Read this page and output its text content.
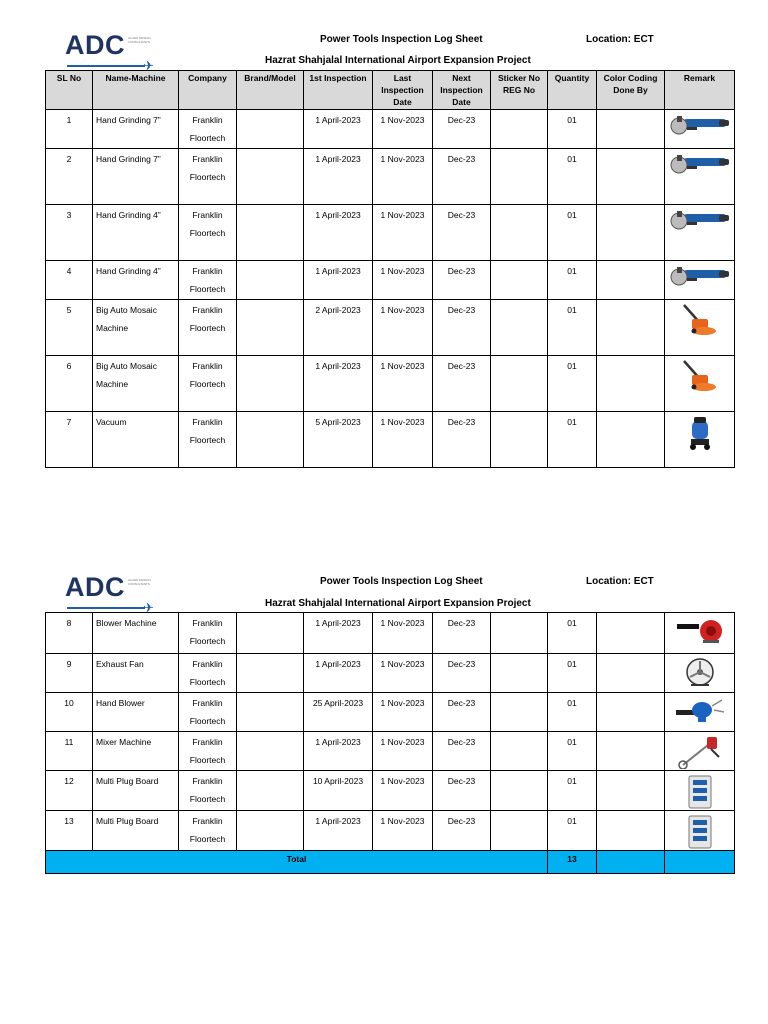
ADC ALLIED DESIGN CONSULTANTS
✈
Power Tools Inspection Log Sheet	Location: ECT
Hazrat Shahjalal International Airport Expansion Project
SL No	Name-Machine	Company	Brand/Model	1st Inspection	Last Inspection Date	Next Inspection Date	Sticker No REG No	Quantity	Color Coding Done By	Remark
1	Hand Grinding 7”	Franklin Floortech		1 April-2023	1 Nov-2023	Dec-23		01		

2	Hand Grinding 7”	Franklin Floortech		1 April-2023	1 Nov-2023	Dec-23		01		

3	Hand Grinding 4”	Franklin Floortech		1 April-2023	1 Nov-2023	Dec-23		01		

4	Hand Grinding 4”	Franklin Floortech		1 April-2023	1 Nov-2023	Dec-23		01		

5	Big Auto Mosaic Machine	Franklin Floortech		2 April-2023	1 Nov-2023	Dec-23		01		

6	Big Auto Mosaic Machine	Franklin Floortech		1 April-2023	1 Nov-2023	Dec-23		01		

7	Vacuum	Franklin Floortech		5 April-2023	1 Nov-2023	Dec-23		01		
ADC ALLIED DESIGN CONSULTANTS
✈
Power Tools Inspection Log Sheet	Location: ECT
Hazrat Shahjalal International Airport Expansion Project
8	Blower Machine	Franklin Floortech		1 April-2023	1 Nov-2023	Dec-23		01		

9	Exhaust Fan	Franklin Floortech		1 April-2023	1 Nov-2023	Dec-23		01		

10	Hand Blower	Franklin Floortech		25 April-2023	1 Nov-2023	Dec-23		01		

11	Mixer Machine	Franklin Floortech		1 April-2023	1 Nov-2023	Dec-23		01		

12	Multi Plug Board	Franklin Floortech		10 April-2023	1 Nov-2023	Dec-23		01		

13	Multi Plug Board	Franklin Floortech		1 April-2023	1 Nov-2023	Dec-23		01		

Total								13		
